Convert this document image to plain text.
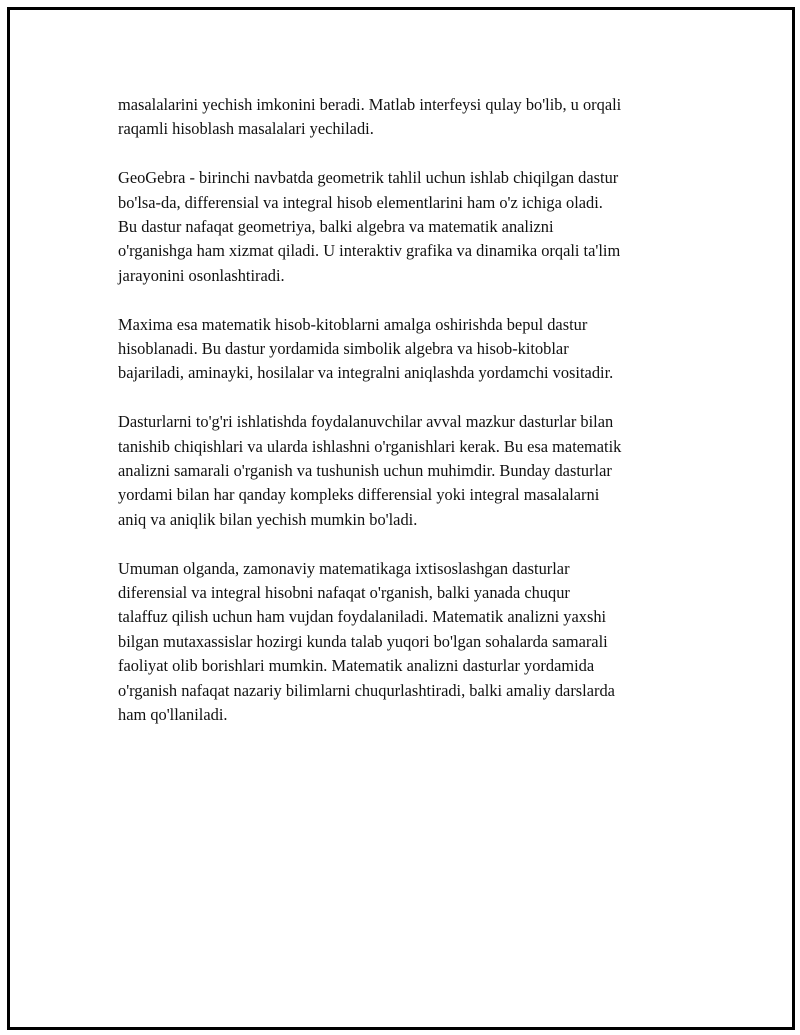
masalalarini yechish imkonini beradi. Matlab interfeysi qulay bo'lib, u orqali
raqamli hisoblash masalalari yechiladi.

GeoGebra - birinchi navbatda geometrik tahlil uchun ishlab chiqilgan dastur
bo'lsa-da, differensial va integral hisob elementlarini ham o'z ichiga oladi.
Bu dastur nafaqat geometriya, balki algebra va matematik analizni
o'rganishga ham xizmat qiladi. U interaktiv grafika va dinamika orqali ta'lim
jarayonini osonlashtiradi.

Maxima esa matematik hisob-kitoblarni amalga oshirishda bepul dastur
hisoblanadi. Bu dastur yordamida simbolik algebra va hisob-kitoblar
bajariladi, aminayki, hosilalar va integralni aniqlashda yordamchi vositadir.

Dasturlarni to'g'ri ishlatishda foydalanuvchilar avval mazkur dasturlar bilan
tanishib chiqishlari va ularda ishlashni o'rganishlari kerak. Bu esa matematik
analizni samarali o'rganish va tushunish uchun muhimdir. Bunday dasturlar
yordami bilan har qanday kompleks differensial yoki integral masalalarni
aniq va aniqlik bilan yechish mumkin bo'ladi.

Umuman olganda, zamonaviy matematikaga ixtisoslashgan dasturlar
diferensial va integral hisobni nafaqat o'rganish, balki yanada chuqur
talaffuz qilish uchun ham vujdan foydalaniladi. Matematik analizni yaxshi
bilgan mutaxassislar hozirgi kunda talab yuqori bo'lgan sohalarda samarali
faoliyat olib borishlari mumkin. Matematik analizni dasturlar yordamida
o'rganish nafaqat nazariy bilimlarni chuqurlashtiradi, balki amaliy darslarda
ham qo'llaniladi.
